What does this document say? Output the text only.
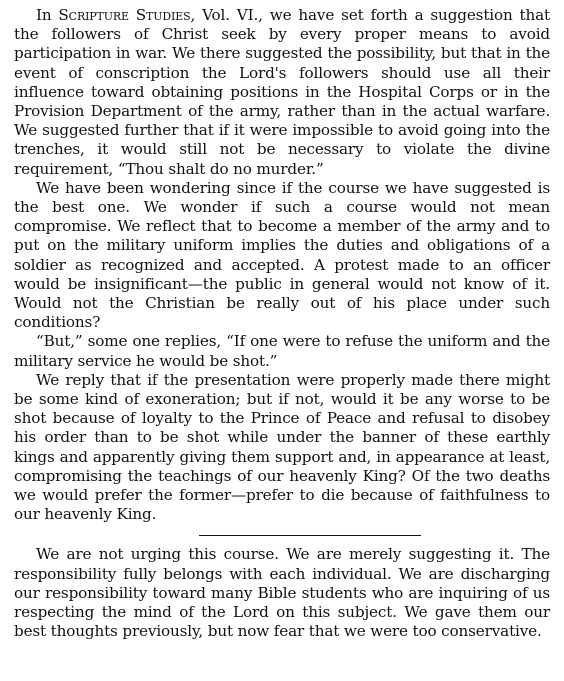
In Scripture Studies, Vol. VI., we have set forth a suggestion that the followers of Christ seek by every proper means to avoid participation in war. We there suggested the possibility, but that in the event of conscription the Lord's followers should use all their influence toward obtaining positions in the Hospital Corps or in the Provision Department of the army, rather than in the actual warfare. We suggested further that if it were impossible to avoid going into the trenches, it would still not be necessary to violate the divine requirement, “Thou shalt do no murder.”

We have been wondering since if the course we have suggested is the best one. We wonder if such a course would not mean compromise. We reflect that to become a member of the army and to put on the military uniform implies the duties and obligations of a soldier as recognized and accepted. A protest made to an officer would be insignificant—the public in general would not know of it. Would not the Christian be really out of his place under such conditions?

“But,” some one replies, “If one were to refuse the uniform and the military service he would be shot.”

We reply that if the presentation were properly made there might be some kind of exoneration; but if not, would it be any worse to be shot because of loyalty to the Prince of Peace and refusal to disobey his order than to be shot while under the banner of these earthly kings and apparently giving them support and, in appearance at least, compromising the teachings of our heavenly King? Of the two deaths we would prefer the former—prefer to die because of faithfulness to our heavenly King.

We are not urging this course. We are merely suggesting it. The responsibility fully belongs with each individual. We are discharging our responsibility toward many Bible students who are inquiring of us respecting the mind of the Lord on this subject. We gave them our best thoughts previously, but now fear that we were too conservative.
